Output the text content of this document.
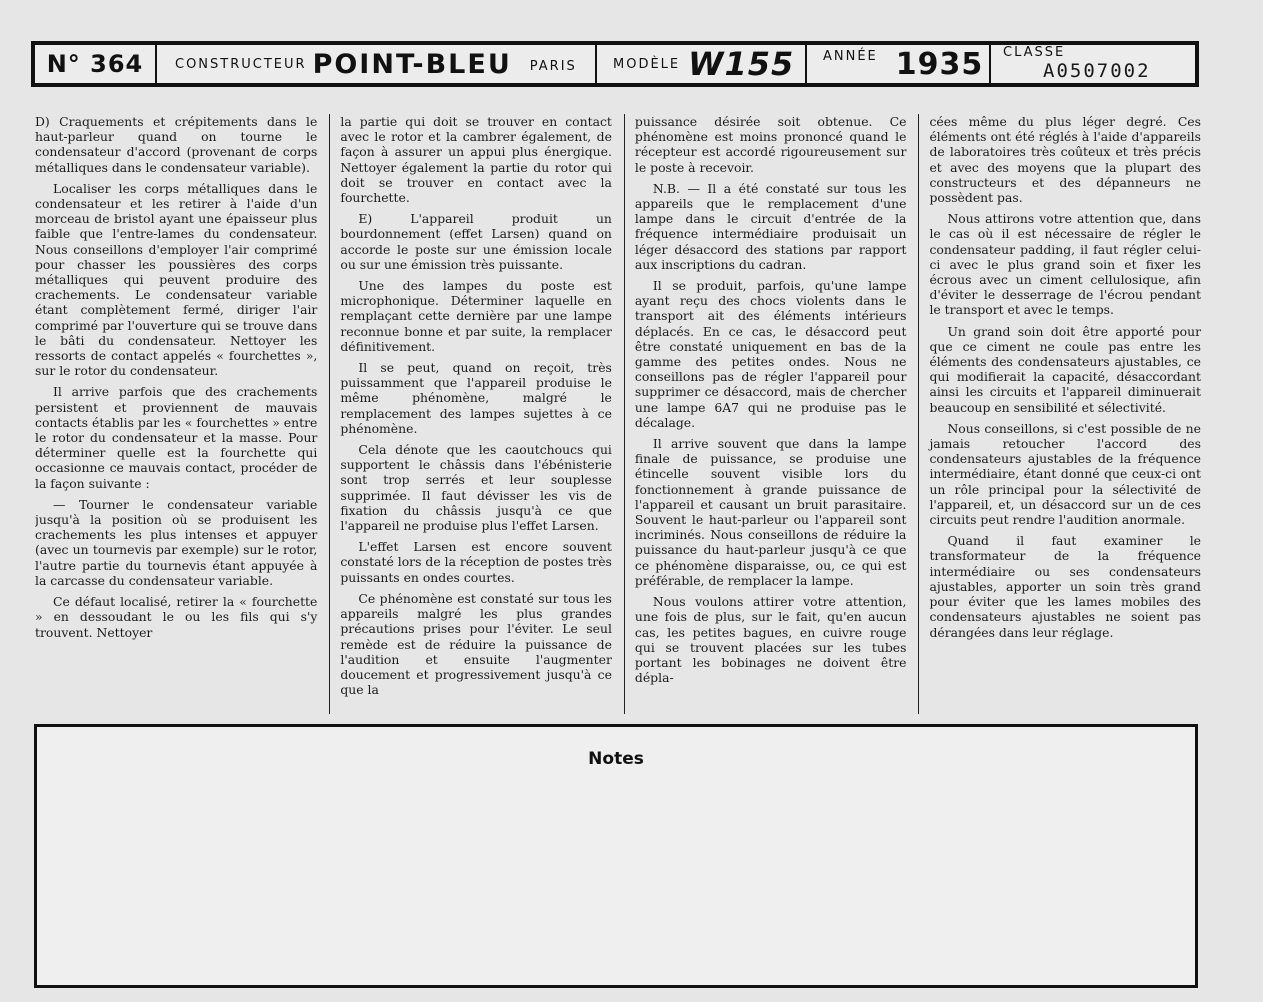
N° 364 CONSTRUCTEUR POINT-BLEU PARIS	MODÈLE W155 ANNÉE 1935 CLASSE
A0507002

D) Craquements et crépitements dans le haut-parleur quand on tourne le condensateur d'accord (provenant de corps métalliques dans le condensateur variable).

Localiser les corps métalliques dans le condensateur et les retirer à l'aide d'un morceau de bristol ayant une épaisseur plus faible que l'entre-lames du condensateur. Nous conseillons d'employer l'air comprimé pour chasser les poussières des corps métalliques qui peuvent produire des crachements. Le condensateur variable étant complètement fermé, diriger l'air comprimé par l'ouverture qui se trouve dans le bâti du condensateur. Nettoyer les ressorts de contact appelés « fourchettes », sur le rotor du condensateur.

Il arrive parfois que des crachements persistent et proviennent de mauvais contacts établis par les « fourchettes » entre le rotor du condensateur et la masse. Pour déterminer quelle est la fourchette qui occasionne ce mauvais contact, procéder de la façon suivante :

— Tourner le condensateur variable jusqu'à la position où se produisent les crachements les plus intenses et appuyer (avec un tournevis par exemple) sur le rotor, l'autre partie du tournevis étant appuyée à la carcasse du condensateur variable.

Ce défaut localisé, retirer la « fourchette » en dessoudant le ou les fils qui s'y trouvent. Nettoyer

la partie qui doit se trouver en contact avec le rotor et la cambrer également, de façon à assurer un appui plus énergique. Nettoyer également la partie du rotor qui doit se trouver en contact avec la fourchette.

E) L'appareil produit un bourdonnement (effet Larsen) quand on accorde le poste sur une émission locale ou sur une émission très puissante.

Une des lampes du poste est microphonique. Déterminer laquelle en remplaçant cette dernière par une lampe reconnue bonne et par suite, la remplacer définitivement.

Il se peut, quand on reçoit, très puissamment que l'appareil produise le même phénomène, malgré le remplacement des lampes sujettes à ce phénomène.

Cela dénote que les caoutchoucs qui supportent le châssis dans l'ébénisterie sont trop serrés et leur souplesse supprimée. Il faut dévisser les vis de fixation du châssis jusqu'à ce que l'appareil ne produise plus l'effet Larsen.

L'effet Larsen est encore souvent constaté lors de la réception de postes très puissants en ondes courtes.

Ce phénomène est constaté sur tous les appareils malgré les plus grandes précautions prises pour l'éviter. Le seul remède est de réduire la puissance de l'audition et ensuite l'augmenter doucement et progressivement jusqu'à ce que la

puissance désirée soit obtenue. Ce phénomène est moins prononcé quand le récepteur est accordé rigoureusement sur le poste à recevoir.

N.B. — Il a été constaté sur tous les appareils que le remplacement d'une lampe dans le circuit d'entrée de la fréquence intermédiaire produisait un léger désaccord des stations par rapport aux inscriptions du cadran.

Il se produit, parfois, qu'une lampe ayant reçu des chocs violents dans le transport ait des éléments intérieurs déplacés. En ce cas, le désaccord peut être constaté uniquement en bas de la gamme des petites ondes. Nous ne conseillons pas de régler l'appareil pour supprimer ce désaccord, mais de chercher une lampe 6A7 qui ne produise pas le décalage.

Il arrive souvent que dans la lampe finale de puissance, se produise une étincelle souvent visible lors du fonctionnement à grande puissance de l'appareil et causant un bruit parasitaire. Souvent le haut-parleur ou l'appareil sont incriminés. Nous conseillons de réduire la puissance du haut-parleur jusqu'à ce que ce phénomène disparaisse, ou, ce qui est préférable, de remplacer la lampe.

Nous voulons attirer votre attention, une fois de plus, sur le fait, qu'en aucun cas, les petites bagues, en cuivre rouge qui se trouvent placées sur les tubes portant les bobinages ne doivent être dépla-

cées même du plus léger degré. Ces éléments ont été réglés à l'aide d'appareils de laboratoires très coûteux et très précis et avec des moyens que la plupart des constructeurs et des dépanneurs ne possèdent pas.

Nous attirons votre attention que, dans le cas où il est nécessaire de régler le condensateur padding, il faut régler celui-ci avec le plus grand soin et fixer les écrous avec un ciment cellulosique, afin d'éviter le desserrage de l'écrou pendant le transport et avec le temps.

Un grand soin doit être apporté pour que ce ciment ne coule pas entre les éléments des condensateurs ajustables, ce qui modifierait la capacité, désaccordant ainsi les circuits et l'appareil diminuerait beaucoup en sensibilité et sélectivité.

Nous conseillons, si c'est possible de ne jamais retoucher l'accord des condensateurs ajustables de la fréquence intermédiaire, étant donné que ceux-ci ont un rôle principal pour la sélectivité de l'appareil, et, un désaccord sur un de ces circuits peut rendre l'audition anormale.

Quand il faut examiner le transformateur de la fréquence intermédiaire ou ses condensateurs ajustables, apporter un soin très grand pour éviter que les lames mobiles des condensateurs ajustables ne soient pas dérangées dans leur réglage.

Notes
